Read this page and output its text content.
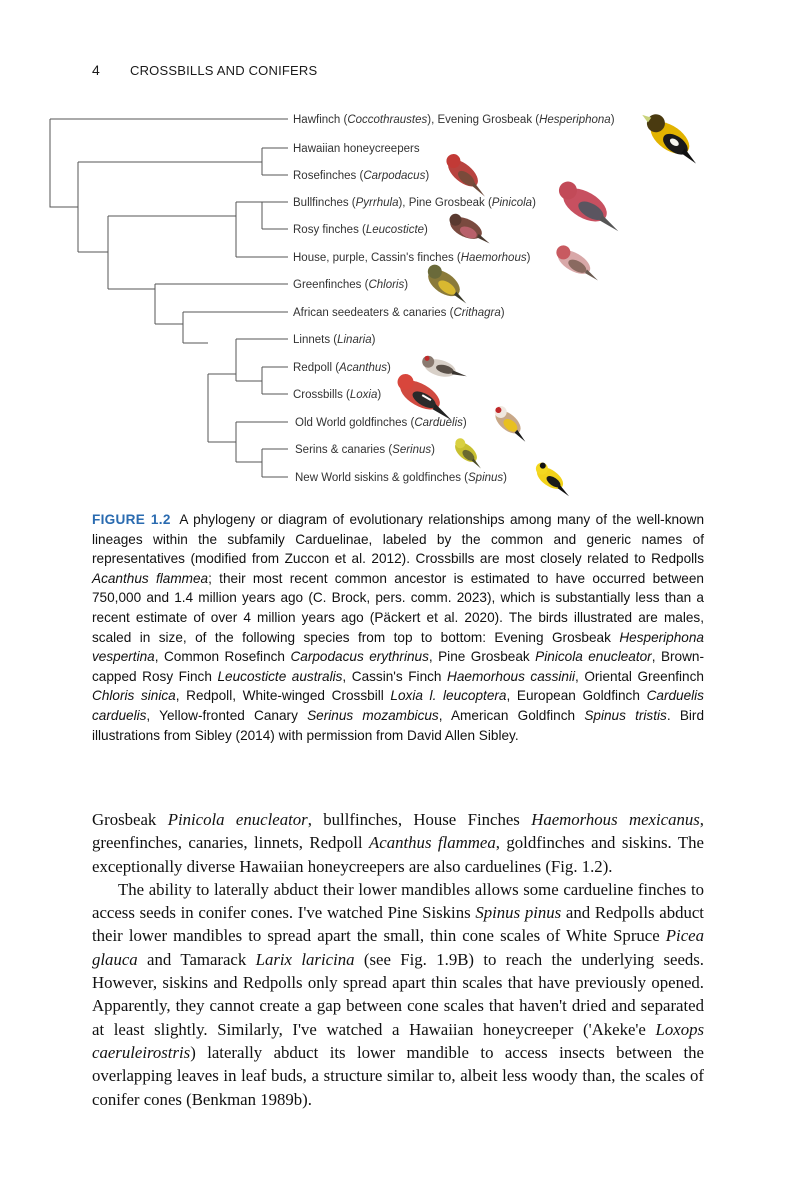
4 CROSSBILLS AND CONIFERS
Hawfinch (Coccothraustes), Evening Grosbeak (Hesperiphona)
Hawaiian honeycreepers
Rosefinches (Carpodacus)
Bullfinches (Pyrrhula), Pine Grosbeak (Pinicola)
Rosy finches (Leucosticte)
House, purple, Cassin's finches (Haemorhous)
Greenfinches (Chloris)
African seedeaters & canaries (Crithagra)
Linnets (Linaria)
Redpoll (Acanthus)
Crossbills (Loxia)
Old World goldfinches (Carduelis)
Serins & canaries (Serinus)
New World siskins & goldfinches (Spinus)
FIGURE 1.2 A phylogeny or diagram of evolutionary relationships among many of the well-known lineages within the subfamily Carduelinae, labeled by the common and generic names of representatives (modified from Zuccon et al. 2012). Crossbills are most closely related to Redpolls Acanthus flammea; their most recent common ancestor is estimated to have occurred between 750,000 and 1.4 million years ago (C. Brock, pers. comm. 2023), which is substantially less than a recent estimate of over 4 million years ago (Päckert et al. 2020). The birds illustrated are males, scaled in size, of the following species from top to bottom: Evening Grosbeak Hesperiphona vespertina, Common Rosefinch Carpodacus erythrinus, Pine Grosbeak Pinicola enucleator, Brown-capped Rosy Finch Leucosticte australis, Cassin's Finch Haemorhous cassinii, Oriental Greenfinch Chloris sinica, Redpoll, White-winged Crossbill Loxia l. leucoptera, European Goldfinch Carduelis carduelis, Yellow-fronted Canary Serinus mozambicus, American Goldfinch Spinus tristis. Bird illustrations from Sibley (2014) with permission from David Allen Sibley.

Grosbeak Pinicola enucleator, bullfinches, House Finches Haemorhous mexicanus, greenfinches, canaries, linnets, Redpoll Acanthus flammea, goldfinches and siskins. The exceptionally diverse Hawaiian honeycreepers are also carduelines (Fig. 1.2).

The ability to laterally abduct their lower mandibles allows some cardueline finches to access seeds in conifer cones. I've watched Pine Siskins Spinus pinus and Redpolls abduct their lower mandibles to spread apart the small, thin cone scales of White Spruce Picea glauca and Tamarack Larix laricina (see Fig. 1.9B) to reach the underlying seeds. However, siskins and Redpolls only spread apart thin scales that have previously opened. Apparently, they cannot create a gap between cone scales that haven't dried and separated at least slightly. Similarly, I've watched a Hawaiian honeycreeper ('Akeke'e Loxops caeruleirostris) laterally abduct its lower mandible to access insects between the overlapping leaves in leaf buds, a structure similar to, albeit less woody than, the scales of conifer cones (Benkman 1989b).
